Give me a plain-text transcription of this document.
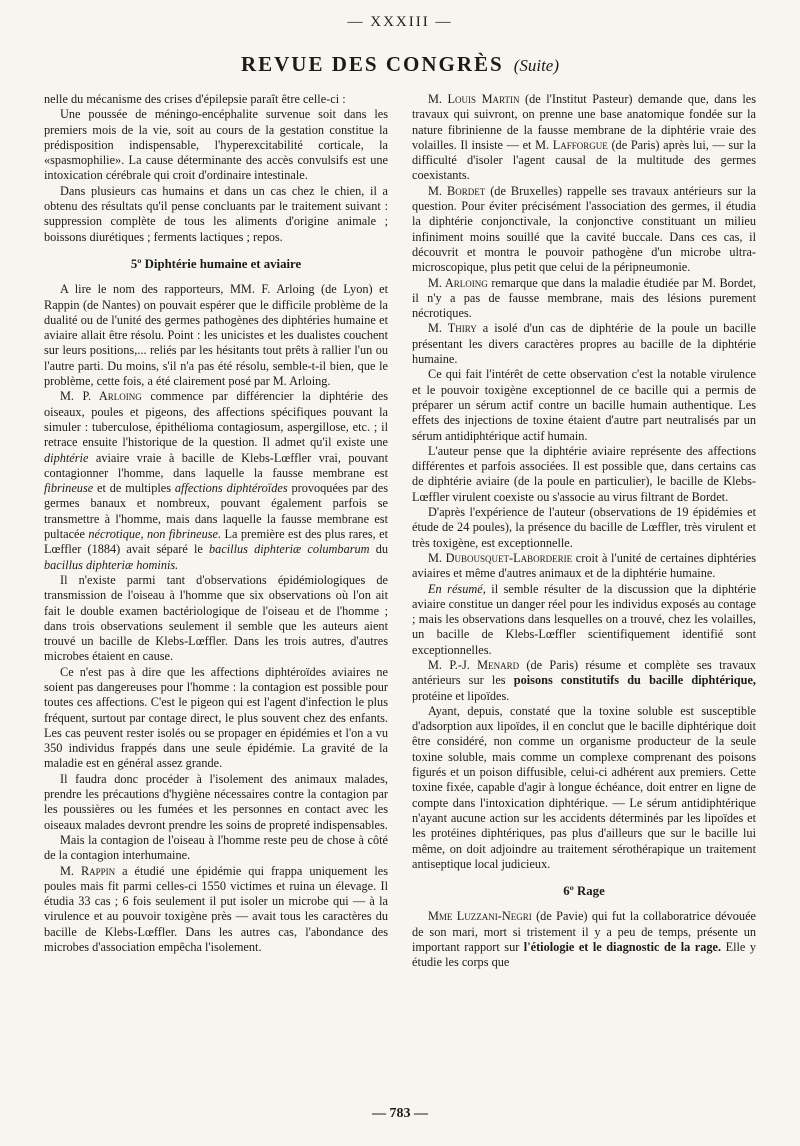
— XXXIII —
REVUE DES CONGRÈS (Suite)

nelle du mécanisme des crises d'épilepsie paraît être celle-ci :

Une poussée de méningo-encéphalite survenue soit dans les premiers mois de la vie, soit au cours de la gestation constitue la prédisposition indispensable, l'hyperexcitabilité corticale, la «spasmophilie». La cause déterminante des accès convulsifs est une intoxication cérébrale qui croit d'ordinaire intestinale.

Dans plusieurs cas humains et dans un cas chez le chien, il a obtenu des résultats qu'il pense concluants par le traitement suivant : suppression complète de tous les aliments d'origine animale ; boissons diurétiques ; ferments lactiques ; repos.

5º Diphtérie humaine et aviaire

A lire le nom des rapporteurs, MM. F. Arloing (de Lyon) et Rappin (de Nantes) on pouvait espérer que le difficile problème de la dualité ou de l'unité des germes pathogènes des diphtéries humaine et aviaire allait être résolu. Point : les unicistes et les dualistes couchent sur leurs positions,... reliés par les hésitants tout prêts à rallier l'un ou l'autre parti. Du moins, s'il n'a pas été résolu, semble-t-il bien, que le problème, cette fois, a été clairement posé par M. Arloing.

M. P. Arloing commence par différencier la diphtérie des oiseaux, poules et pigeons, des affections spécifiques pouvant la simuler : tuberculose, épithélioma contagiosum, aspergillose, etc. ; il retrace ensuite l'historique de la question. Il admet qu'il existe une diphtérie aviaire vraie à bacille de Klebs-Lœffler vrai, pouvant contagionner l'homme, dans laquelle la fausse membrane est fibrineuse et de multiples affections diphtéroïdes provoquées par des germes banaux et nombreux, pouvant également parfois se transmettre à l'homme, mais dans laquelle la fausse membrane est pultacée nécrotique, non fibrineuse. La première est des plus rares, et Lœffler (1884) avait séparé le bacillus diphteriæ columbarum du bacillus diphteriæ hominis.

Il n'existe parmi tant d'observations épidémiologiques de transmission de l'oiseau à l'homme que six observations où l'on ait fait le double examen bactériologique de l'oiseau et de l'homme ; dans trois observations seulement il semble que les auteurs aient trouvé un bacille de Klebs-Lœffler. Dans les trois autres, d'autres microbes étaient en cause.

Ce n'est pas à dire que les affections diphtéroïdes aviaires ne soient pas dangereuses pour l'homme : la contagion est possible pour toutes ces affections. C'est le pigeon qui est l'agent d'infection le plus fréquent, surtout par contage direct, le plus souvent chez des enfants. Les cas peuvent rester isolés ou se propager en épidémies et l'on a vu 350 individus frappés dans une seule épidémie. La gravité de la maladie est en général assez grande.

Il faudra donc procéder à l'isolement des animaux malades, prendre les précautions d'hygiène nécessaires contre la contagion par les poussières ou les fumées et les personnes en contact avec les oiseaux malades devront prendre les soins de propreté indispensables.

Mais la contagion de l'oiseau à l'homme reste peu de chose à côté de la contagion interhumaine.

M. Rappin a étudié une épidémie qui frappa uniquement les poules mais fit parmi celles-ci 1550 victimes et ruina un élevage. Il étudia 33 cas ; 6 fois seulement il put isoler un microbe qui — à la virulence et au pouvoir toxigène près — avait tous les caractères du bacille de Klebs-Lœffler. Dans les autres cas, l'abondance des microbes d'association empêcha l'isolement.

M. Louis Martin (de l'Institut Pasteur) demande que, dans les travaux qui suivront, on prenne une base anatomique fondée sur la nature fibrinienne de la fausse membrane de la diphtérie vraie des volailles. Il insiste — et M. Lafforgue (de Paris) après lui, — sur la difficulté d'isoler l'agent causal de la multitude des germes coexistants.

M. Bordet (de Bruxelles) rappelle ses travaux antérieurs sur la question. Pour éviter précisément l'association des germes, il étudia la diphtérie conjonctivale, la conjonctive constituant un milieu infiniment moins souillé que la cavité buccale. Dans ces cas, il découvrit et montra le pouvoir pathogène d'un microbe ultra-microscopique, plus petit que celui de la péripneumonie.

M. Arloing remarque que dans la maladie étudiée par M. Bordet, il n'y a pas de fausse membrane, mais des lésions purement nécrotiques.

M. Thiry a isolé d'un cas de diphtérie de la poule un bacille présentant les divers caractères propres au bacille de la diphtérie humaine.

Ce qui fait l'intérêt de cette observation c'est la notable virulence et le pouvoir toxigène exceptionnel de ce bacille qui a permis de préparer un sérum actif contre un bacille humain authentique. Les effets des injections de toxine étaient d'autre part neutralisés par un sérum antidiphtérique actif humain.

L'auteur pense que la diphtérie aviaire représente des affections différentes et parfois associées. Il est possible que, dans certains cas de diphtérie aviaire (de la poule en particulier), le bacille de Klebs-Lœffler virulent coexiste ou s'associe au virus filtrant de Bordet.

D'après l'expérience de l'auteur (observations de 19 épidémies et étude de 24 poules), la présence du bacille de Lœffler, très virulent et très toxigène, est exceptionnelle.

M. Dubousquet-Laborderie croit à l'unité de certaines diphtéries aviaires et même d'autres animaux et de la diphtérie humaine.

En résumé, il semble résulter de la discussion que la diphtérie aviaire constitue un danger réel pour les individus exposés au contage ; mais les observations dans lesquelles on a trouvé, chez les volailles, un bacille de Klebs-Lœffler scientifiquement identifié sont exceptionnelles.

M. P.-J. Menard (de Paris) résume et complète ses travaux antérieurs sur les poisons constitutifs du bacille diphtérique, protéine et lipoïdes.

Ayant, depuis, constaté que la toxine soluble est susceptible d'adsorption aux lipoïdes, il en conclut que le bacille diphtérique doit être considéré, non comme un organisme producteur de la seule toxine soluble, mais comme un complexe comprenant des poisons figurés et un poison diffusible, celui-ci adhérent aux premiers. Cette toxine fixée, capable d'agir à longue échéance, doit entrer en ligne de compte dans l'intoxication diphtérique. — Le sérum antidiphtérique n'ayant aucune action sur les accidents déterminés par les lipoïdes et les protéines diphtériques, pas plus d'ailleurs que sur le bacille lui même, on doit adjoindre au traitement sérothérapique un traitement antiseptique local judicieux.

6º Rage

Mme Luzzani-Negri (de Pavie) qui fut la collaboratrice dévouée de son mari, mort si tristement il y a peu de temps, présente un important rapport sur l'étiologie et le diagnostic de la rage. Elle y étudie les corps que

— 783 —
